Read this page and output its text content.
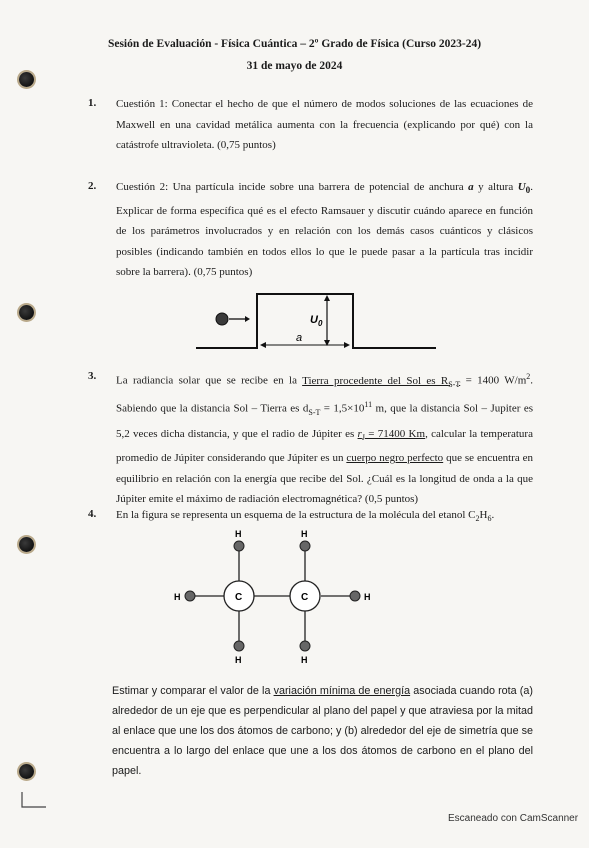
Sesión de Evaluación - Física Cuántica – 2º Grado de Física (Curso 2023-24)
31 de mayo de 2024
1. Cuestión 1: Conectar el hecho de que el número de modos soluciones de las ecuaciones de Maxwell en una cavidad metálica aumenta con la frecuencia (explicando por qué) con la catástrofe ultravioleta. (0,75 puntos)
2. Cuestión 2: Una partícula incide sobre una barrera de potencial de anchura a y altura $U_0$. Explicar de forma específica qué es el efecto Ramsauer y discutir cuándo aparece en función de los parámetros involucrados y en relación con los demás casos cuánticos y clásicos posibles (indicando también en todos ellos lo que le puede pasar a la partícula tras incidir sobre la barrera). (0,75 puntos)
$U_0$
a
3. La radiancia solar que se recibe en la Tierra procedente del Sol es $R_{S-T} = 1400$ $W/m^2$. Sabiendo que la distancia Sol – Tierra es $d_{S-T} = 1,5\times 10^{11}$ m, que la distancia Sol – Jupiter es 5,2 veces dicha distancia, y que el radio de Júpiter es $r_J = 71400$ Km, calcular la temperatura promedio de Júpiter considerando que Júpiter es un cuerpo negro perfecto que se encuentra en equilibrio en relación con la energía que recibe del Sol. ¿Cuál es la longitud de onda a la que Júpiter emite el máximo de radiación electromagnética? (0,5 puntos)
4. En la figura se representa un esquema de la estructura de la molécula del etanol $C_2H_6$.
C	C
H	H
H	H
H	H
Estimar y comparar el valor de la variación mínima de energía asociada cuando rota (a) alrededor de un eje que es perpendicular al plano del papel y que atraviesa por la mitad al enlace que une los dos átomos de carbono; y (b) alrededor del eje de simetría que se encuentra a lo largo del enlace que une a los dos átomos de carbono en el plano del papel.
Escaneado con CamScanner
